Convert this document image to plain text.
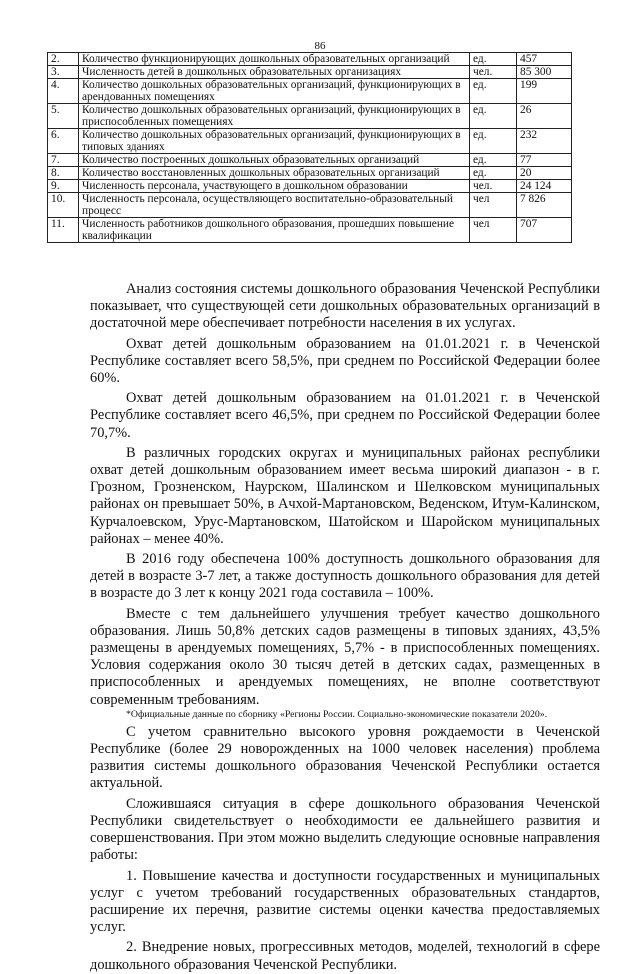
86
2.	Количество функционирующих дошкольных образовательных организаций	ед.	457
3.	Численность детей в дошкольных образовательных организациях	чел.	85 300
4.	Количество дошкольных образовательных организаций, функционирующих в арендованных помещениях	ед.	199
5.	Количество дошкольных образовательных организаций, функционирующих в приспособленных помещениях	ед.	26
6.	Количество дошкольных образовательных организаций, функционирующих в типовых зданиях	ед.	232
7.	Количество построенных дошкольных образовательных организаций	ед.	77
8.	Количество восстановленных дошкольных образовательных организаций	ед.	20
9.	Численность персонала, участвующего в дошкольном образовании	чел.	24 124
10.	Численность персонала, осуществляющего воспитательно-образовательный процесс	чел	7 826
11.	Численность работников дошкольного образования, прошедших повышение квалификации	чел	707

Анализ состояния системы дошкольного образования Чеченской Республики показывает, что существующей сети дошкольных образовательных организаций в достаточной мере обеспечивает потребности населения в их услугах.

Охват детей дошкольным образованием на 01.01.2021 г. в Чеченской Республике составляет всего 58,5%, при среднем по Российской Федерации более 60%.

Охват детей дошкольным образованием на 01.01.2021 г. в Чеченской Республике составляет всего 46,5%, при среднем по Российской Федерации более 70,7%.

В различных городских округах и муниципальных районах республики охват детей дошкольным образованием имеет весьма широкий диапазон - в г. Грозном, Грозненском, Наурском, Шалинском и Шелковском муниципальных районах он превышает 50%, в Ачхой-Мартановском, Веденском, Итум-Калинском, Курчалоевском, Урус-Мартановском, Шатойском и Шаройском муниципальных районах – менее 40%.

В 2016 году обеспечена 100% доступность дошкольного образования для детей в возрасте 3-7 лет, а также доступность дошкольного образования для детей в возрасте до 3 лет к концу 2021 года составила – 100%.

Вместе с тем дальнейшего улучшения требует качество дошкольного образования. Лишь 50,8% детских садов размещены в типовых зданиях, 43,5% размещены в арендуемых помещениях, 5,7% - в приспособленных помещениях. Условия содержания около 30 тысяч детей в детских садах, размещенных в приспособленных и арендуемых помещениях, не вполне соответствуют современным требованиям.

*Официальные данные по сборнику «Регионы России. Социально-экономические показатели 2020».

С учетом сравнительно высокого уровня рождаемости в Чеченской Республике (более 29 новорожденных на 1000 человек населения) проблема развития системы дошкольного образования Чеченской Республики остается актуальной.

Сложившаяся ситуация в сфере дошкольного образования Чеченской Республики свидетельствует о необходимости ее дальнейшего развития и совершенствования. При этом можно выделить следующие основные направления работы:

1. Повышение качества и доступности государственных и муниципальных услуг с учетом требований государственных образовательных стандартов, расширение их перечня, развитие системы оценки качества предоставляемых услуг.

2. Внедрение новых, прогрессивных методов, моделей, технологий в сфере дошкольного образования Чеченской Республики.
